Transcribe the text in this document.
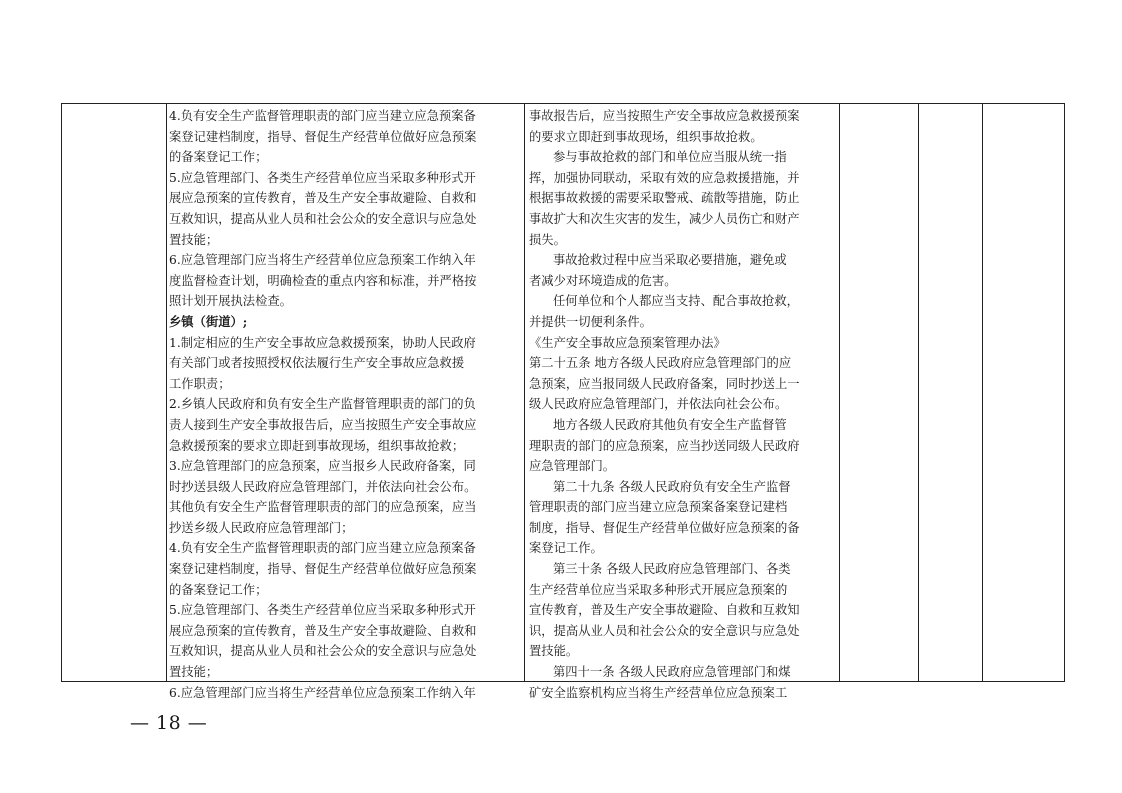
4.负有安全生产监督管理职责的部门应当建立应急预案备

案登记建档制度，指导、督促生产经营单位做好应急预案

的备案登记工作；

5.应急管理部门、各类生产经营单位应当采取多种形式开

展应急预案的宣传教育，普及生产安全事故避险、自救和

互救知识，提高从业人员和社会公众的安全意识与应急处

置技能；

6.应急管理部门应当将生产经营单位应急预案工作纳入年

度监督检查计划，明确检查的重点内容和标准，并严格按

照计划开展执法检查。

乡镇（街道）;

1.制定相应的生产安全事故应急救援预案，协助人民政府

有关部门或者按照授权依法履行生产安全事故应急救援

工作职责；

2.乡镇人民政府和负有安全生产监督管理职责的部门的负

责人接到生产安全事故报告后，应当按照生产安全事故应

急救援预案的要求立即赶到事故现场，组织事故抢救；

3.应急管理部门的应急预案，应当报乡人民政府备案，同

时抄送县级人民政府应急管理部门，并依法向社会公布。

其他负有安全生产监督管理职责的部门的应急预案，应当

抄送乡级人民政府应急管理部门；

4.负有安全生产监督管理职责的部门应当建立应急预案备

案登记建档制度，指导、督促生产经营单位做好应急预案

的备案登记工作；

5.应急管理部门、各类生产经营单位应当采取多种形式开

展应急预案的宣传教育，普及生产安全事故避险、自救和

互救知识，提高从业人员和社会公众的安全意识与应急处

置技能；

6.应急管理部门应当将生产经营单位应急预案工作纳入年

事故报告后，应当按照生产安全事故应急救援预案

的要求立即赶到事故现场，组织事故抢救。

参与事故抢救的部门和单位应当服从统一指

挥，加强协同联动，采取有效的应急救援措施，并

根据事故救援的需要采取警戒、疏散等措施，防止

事故扩大和次生灾害的发生，减少人员伤亡和财产

损失。

事故抢救过程中应当采取必要措施，避免或

者减少对环境造成的危害。

任何单位和个人都应当支持、配合事故抢救，

并提供一切便利条件。

《生产安全事故应急预案管理办法》

第二十五条 地方各级人民政府应急管理部门的应

急预案，应当报同级人民政府备案，同时抄送上一

级人民政府应急管理部门，并依法向社会公布。

地方各级人民政府其他负有安全生产监督管

理职责的部门的应急预案，应当抄送同级人民政府

应急管理部门。

第二十九条 各级人民政府负有安全生产监督

管理职责的部门应当建立应急预案备案登记建档

制度，指导、督促生产经营单位做好应急预案的备

案登记工作。

第三十条 各级人民政府应急管理部门、各类

生产经营单位应当采取多种形式开展应急预案的

宣传教育，普及生产安全事故避险、自救和互救知

识，提高从业人员和社会公众的安全意识与应急处

置技能。

第四十一条 各级人民政府应急管理部门和煤

矿安全监察机构应当将生产经营单位应急预案工

— 18 —
